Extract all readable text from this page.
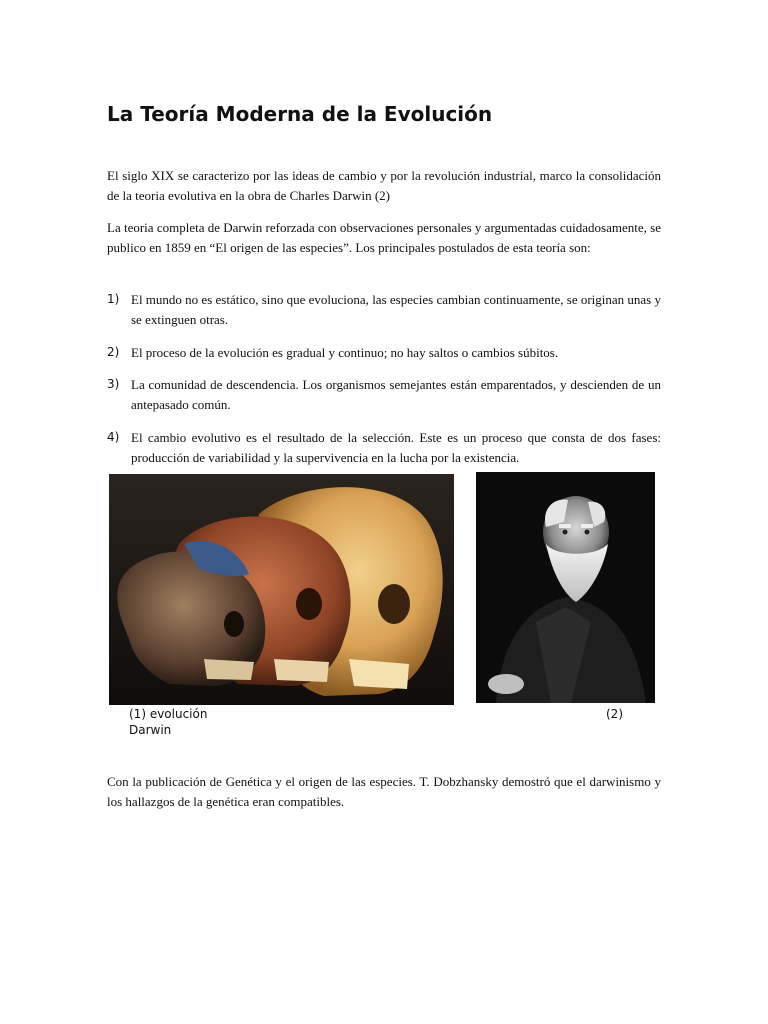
La Teoría Moderna de la Evolución

El siglo XIX se caracterizo por las ideas de cambio y por la revolución industrial, marco la consolidación de la teoria evolutiva en la obra de Charles Darwin (2)

La teoria completa de Darwin reforzada con observaciones personales y argumentadas cuidadosamente, se publico en 1859 en “El origen de las especies”. Los principales postulados de esta teoría son:

1) El mundo no es estático, sino que evoluciona, las especies cambian continuamente, se originan unas y se extinguen otras.
2) El proceso de la evolución es gradual y continuo; no hay saltos o cambios súbitos.
3) La comunidad de descendencia. Los organismos semejantes están emparentados, y descienden de un antepasado común.
4) El cambio evolutivo es el resultado de la selección. Este es un proceso que consta de dos fases: producción de variabilidad y la supervivencia en la lucha por la existencia.
(1) evolución	(2)
Darwin

Con la publicación de Genética y el origen de las especies. T. Dobzhansky demostró que el darwinismo y los hallazgos de la genética eran compatibles.
